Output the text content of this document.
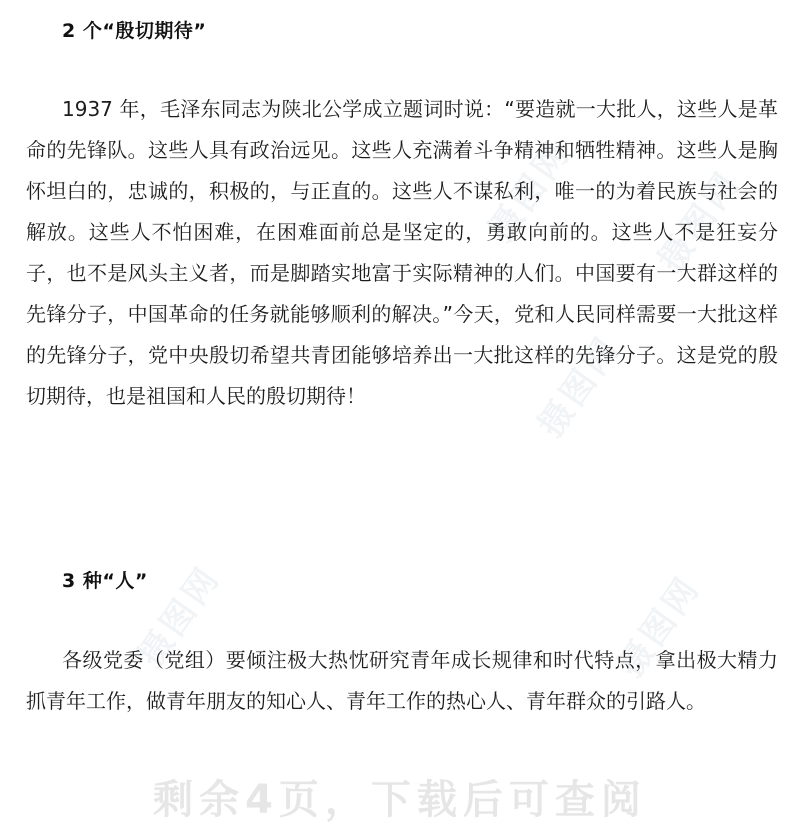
摄图网 摄图网
摄图网
摄图网
摄图网
2 个“殷切期待”

1937 年，毛泽东同志为陕北公学成立题词时说：“要造就一大批人，这些人是革命的先锋队。这些人具有政治远见。这些人充满着斗争精神和牺牲精神。这些人是胸怀坦白的，忠诚的，积极的，与正直的。这些人不谋私利，唯一的为着民族与社会的解放。这些人不怕困难，在困难面前总是坚定的，勇敢向前的。这些人不是狂妄分子，也不是风头主义者，而是脚踏实地富于实际精神的人们。中国要有一大群这样的先锋分子，中国革命的任务就能够顺利的解决。”今天，党和人民同样需要一大批这样的先锋分子，党中央殷切希望共青团能够培养出一大批这样的先锋分子。这是党的殷切期待，也是祖国和人民的殷切期待！

3 种“人”

各级党委（党组）要倾注极大热忱研究青年成长规律和时代特点，拿出极大精力抓青年工作，做青年朋友的知心人、青年工作的热心人、青年群众的引路人。

剩余4页，下载后可查阅
